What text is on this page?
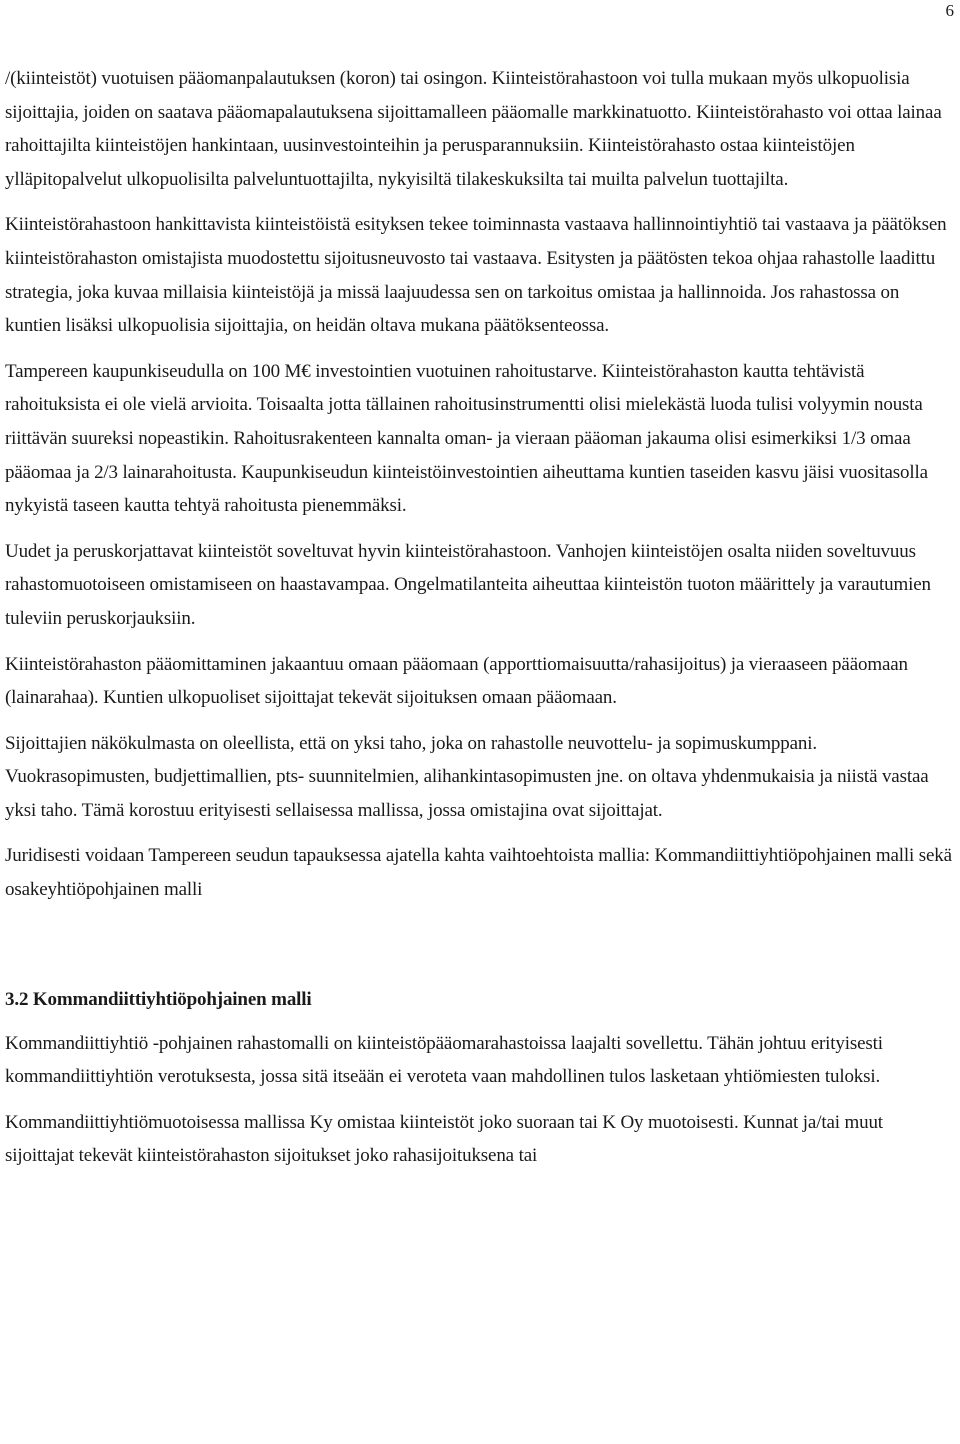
6

/(kiinteistöt) vuotuisen pääomanpalautuksen (koron) tai osingon. Kiinteistörahastoon voi tulla mukaan myös ulkopuolisia sijoittajia, joiden on saatava pääomapalautuksena sijoittamalleen pääomalle markkinatuotto. Kiinteistörahasto voi ottaa lainaa rahoittajilta kiinteistöjen hankintaan, uusinvestointeihin ja perusparannuksiin. Kiinteistörahasto ostaa kiinteistöjen ylläpitopalvelut ulkopuolisilta palveluntuottajilta, nykyisiltä tilakeskuksilta tai muilta palvelun tuottajilta.

Kiinteistörahastoon hankittavista kiinteistöistä esityksen tekee toiminnasta vastaava hallinnointiyhtiö tai vastaava ja päätöksen kiinteistörahaston omistajista muodostettu sijoitusneuvosto tai vastaava. Esitysten ja päätösten tekoa ohjaa rahastolle laadittu strategia, joka kuvaa millaisia kiinteistöjä ja missä laajuudessa sen on tarkoitus omistaa ja hallinnoida. Jos rahastossa on kuntien lisäksi ulkopuolisia sijoittajia, on heidän oltava mukana päätöksenteossa.

Tampereen kaupunkiseudulla on 100 M€ investointien vuotuinen rahoitustarve. Kiinteistörahaston kautta tehtävistä rahoituksista ei ole vielä arvioita. Toisaalta jotta tällainen rahoitusinstrumentti olisi mielekästä luoda tulisi volyymin nousta riittävän suureksi nopeastikin. Rahoitusrakenteen kannalta oman- ja vieraan pääoman jakauma olisi esimerkiksi 1/3 omaa pääomaa ja 2/3 lainarahoitusta. Kaupunkiseudun kiinteistöinvestointien aiheuttama kuntien taseiden kasvu jäisi vuositasolla nykyistä taseen kautta tehtyä rahoitusta pienemmäksi.

Uudet ja peruskorjattavat kiinteistöt soveltuvat hyvin kiinteistörahastoon. Vanhojen kiinteistöjen osalta niiden soveltuvuus rahastomuotoiseen omistamiseen on haastavampaa. Ongelmatilanteita aiheuttaa kiinteistön tuoton määrittely ja varautumien tuleviin peruskorjauksiin.

Kiinteistörahaston pääomittaminen jakaantuu omaan pääomaan (apporttiomaisuutta/rahasijoitus) ja vieraaseen pääomaan (lainarahaa). Kuntien ulkopuoliset sijoittajat tekevät sijoituksen omaan pääomaan.

Sijoittajien näkökulmasta on oleellista, että on yksi taho, joka on rahastolle neuvottelu- ja sopimuskumppani. Vuokrasopimusten, budjettimallien, pts- suunnitelmien, alihankintasopimusten jne. on oltava yhdenmukaisia ja niistä vastaa yksi taho. Tämä korostuu erityisesti sellaisessa mallissa, jossa omistajina ovat sijoittajat.

Juridisesti voidaan Tampereen seudun tapauksessa ajatella kahta vaihtoehtoista mallia: Kommandiittiyhtiöpohjainen malli sekä osakeyhtiöpohjainen malli

3.2 Kommandiittiyhtiöpohjainen malli

Kommandiittiyhtiö -pohjainen rahastomalli on kiinteistöpääomarahastoissa laajalti sovellettu. Tähän johtuu erityisesti kommandiittiyhtiön verotuksesta, jossa sitä itseään ei veroteta vaan mahdollinen tulos lasketaan yhtiömiesten tuloksi.

Kommandiittiyhtiömuotoisessa mallissa Ky omistaa kiinteistöt joko suoraan tai K Oy muotoisesti. Kunnat ja/tai muut sijoittajat tekevät kiinteistörahaston sijoitukset joko rahasijoituksena tai
